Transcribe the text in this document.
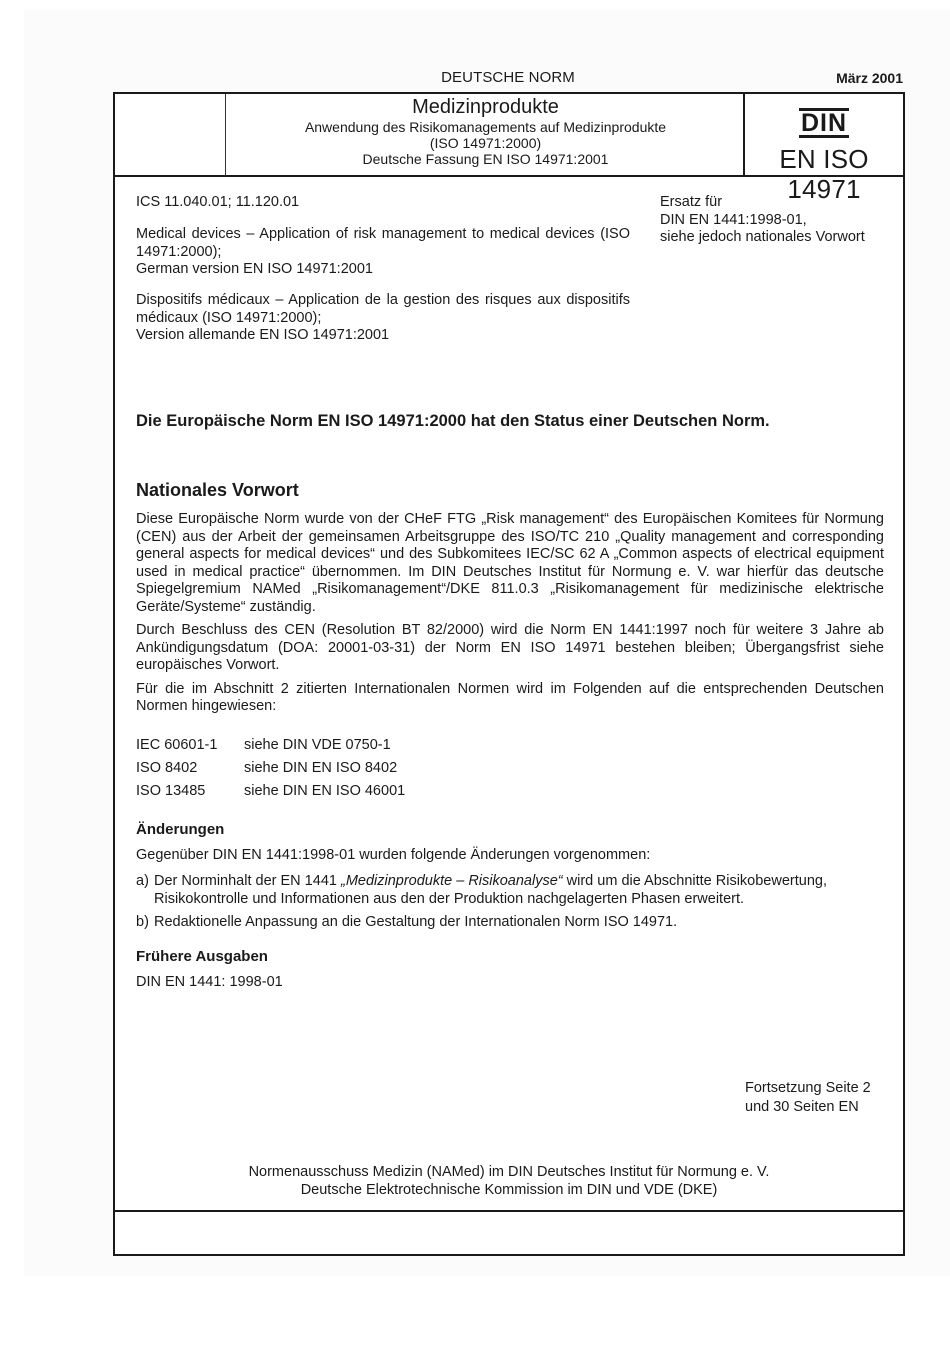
DEUTSCHE NORM	März 2001
Medizinprodukte
Anwendung des Risikomanagements auf Medizinprodukte
(ISO 14971:2000)
Deutsche Fassung EN ISO 14971:2001
DIN
EN ISO 14971
ICS 11.040.01; 11.120.01
Medical devices – Application of risk management to medical devices (ISO 14971:2000);
German version EN ISO 14971:2001
Dispositifs médicaux – Application de la gestion des risques aux dispositifs médicaux (ISO 14971:2000);
Version allemande EN ISO 14971:2001
Ersatz für
DIN EN 1441:1998-01,
siehe jedoch nationales Vorwort
Die Europäische Norm EN ISO 14971:2000 hat den Status einer Deutschen Norm.
Nationales Vorwort

Diese Europäische Norm wurde von der CHeF FTG „Risk management“ des Europäischen Komitees für Normung (CEN) aus der Arbeit der gemeinsamen Arbeitsgruppe des ISO/TC 210 „Quality management and corresponding general aspects for medical devices“ und des Subkomitees IEC/SC 62 A „Common aspects of electrical equipment used in medical practice“ übernommen. Im DIN Deutsches Institut für Normung e. V. war hierfür das deutsche Spiegelgremium NAMed „Risikomanagement“/DKE 811.0.3 „Risikomanagement für medizinische elektrische Geräte/Systeme“ zuständig.

Durch Beschluss des CEN (Resolution BT 82/2000) wird die Norm EN 1441:1997 noch für weitere 3 Jahre ab Ankündigungsdatum (DOA: 20001-03-31) der Norm EN ISO 14971 bestehen bleiben; Übergangsfrist siehe europäisches Vorwort.

Für die im Abschnitt 2 zitierten Internationalen Normen wird im Folgenden auf die entsprechenden Deutschen Normen hingewiesen:

IEC 60601-1	siehe DIN VDE 0750-1
ISO 8402	siehe DIN EN ISO 8402
ISO 13485	siehe DIN EN ISO 46001
Änderungen
Gegenüber DIN EN 1441:1998-01 wurden folgende Änderungen vorgenommen:
a) Der Norminhalt der EN 1441 „Medizinprodukte – Risikoanalyse“ wird um die Abschnitte Risikobewertung, Risikokontrolle und Informationen aus den der Produktion nachgelagerten Phasen erweitert.
b) Redaktionelle Anpassung an die Gestaltung der Internationalen Norm ISO 14971.
Frühere Ausgaben
DIN EN 1441: 1998-01
Fortsetzung Seite 2
und 30 Seiten EN
Normenausschuss Medizin (NAMed) im DIN Deutsches Institut für Normung e. V.
Deutsche Elektrotechnische Kommission im DIN und VDE (DKE)
